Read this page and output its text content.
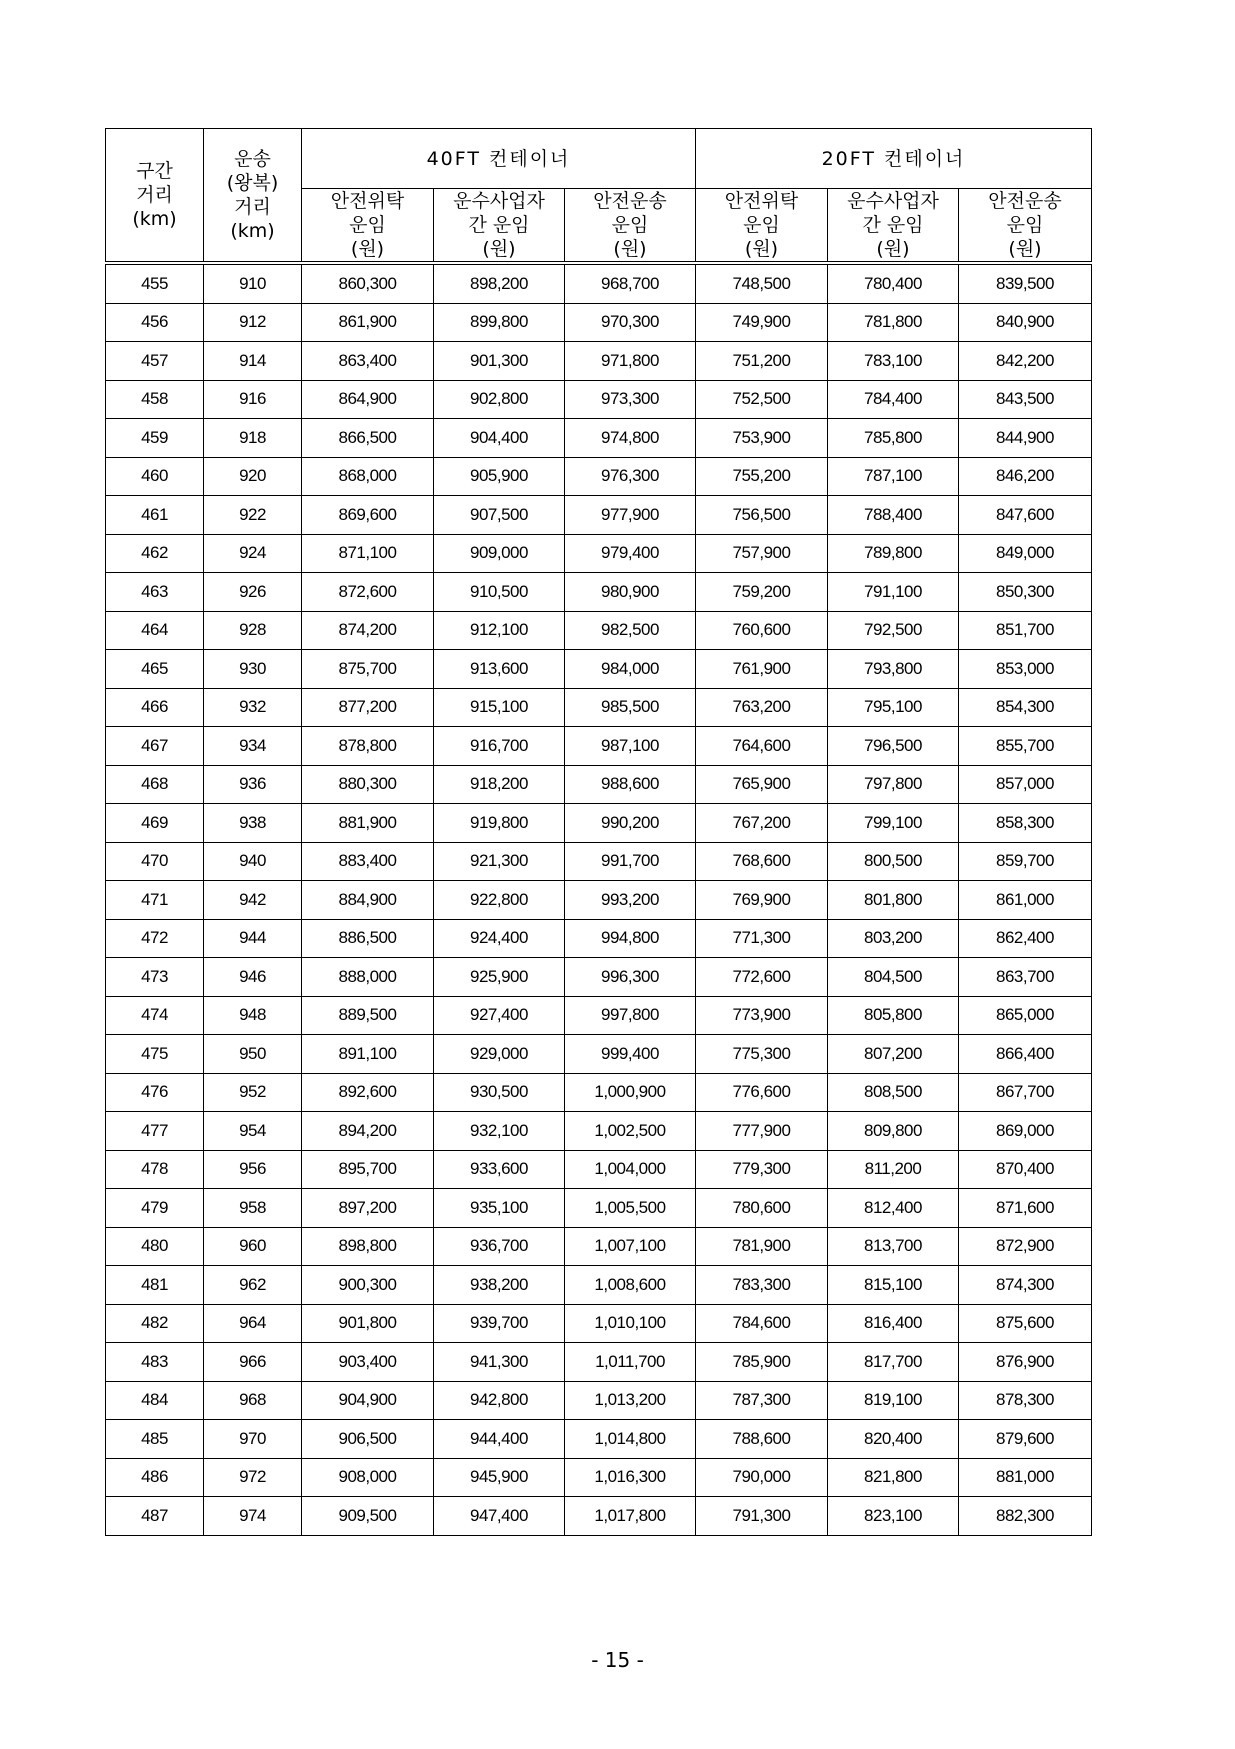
구간
거리
(km)	운송
(왕복)
거리
(km)	40FT 컨테이너			20FT 컨테이너		

		안전위탁
운임
(원)	운수사업자
간 운임
(원)	안전운송
운임
(원)	안전위탁
운임
(원)	운수사업자
간 운임
(원)	안전운송
운임
(원)

455	910	860,300	898,200	968,700	748,500	780,400	839,500
456	912	861,900	899,800	970,300	749,900	781,800	840,900
457	914	863,400	901,300	971,800	751,200	783,100	842,200
458	916	864,900	902,800	973,300	752,500	784,400	843,500
459	918	866,500	904,400	974,800	753,900	785,800	844,900
460	920	868,000	905,900	976,300	755,200	787,100	846,200
461	922	869,600	907,500	977,900	756,500	788,400	847,600
462	924	871,100	909,000	979,400	757,900	789,800	849,000
463	926	872,600	910,500	980,900	759,200	791,100	850,300
464	928	874,200	912,100	982,500	760,600	792,500	851,700
465	930	875,700	913,600	984,000	761,900	793,800	853,000
466	932	877,200	915,100	985,500	763,200	795,100	854,300
467	934	878,800	916,700	987,100	764,600	796,500	855,700
468	936	880,300	918,200	988,600	765,900	797,800	857,000
469	938	881,900	919,800	990,200	767,200	799,100	858,300
470	940	883,400	921,300	991,700	768,600	800,500	859,700
471	942	884,900	922,800	993,200	769,900	801,800	861,000
472	944	886,500	924,400	994,800	771,300	803,200	862,400
473	946	888,000	925,900	996,300	772,600	804,500	863,700
474	948	889,500	927,400	997,800	773,900	805,800	865,000
475	950	891,100	929,000	999,400	775,300	807,200	866,400
476	952	892,600	930,500	1,000,900	776,600	808,500	867,700
477	954	894,200	932,100	1,002,500	777,900	809,800	869,000
478	956	895,700	933,600	1,004,000	779,300	811,200	870,400
479	958	897,200	935,100	1,005,500	780,600	812,400	871,600
480	960	898,800	936,700	1,007,100	781,900	813,700	872,900
481	962	900,300	938,200	1,008,600	783,300	815,100	874,300
482	964	901,800	939,700	1,010,100	784,600	816,400	875,600
483	966	903,400	941,300	1,011,700	785,900	817,700	876,900
484	968	904,900	942,800	1,013,200	787,300	819,100	878,300
485	970	906,500	944,400	1,014,800	788,600	820,400	879,600
486	972	908,000	945,900	1,016,300	790,000	821,800	881,000
487	974	909,500	947,400	1,017,800	791,300	823,100	882,300
- 15 -
